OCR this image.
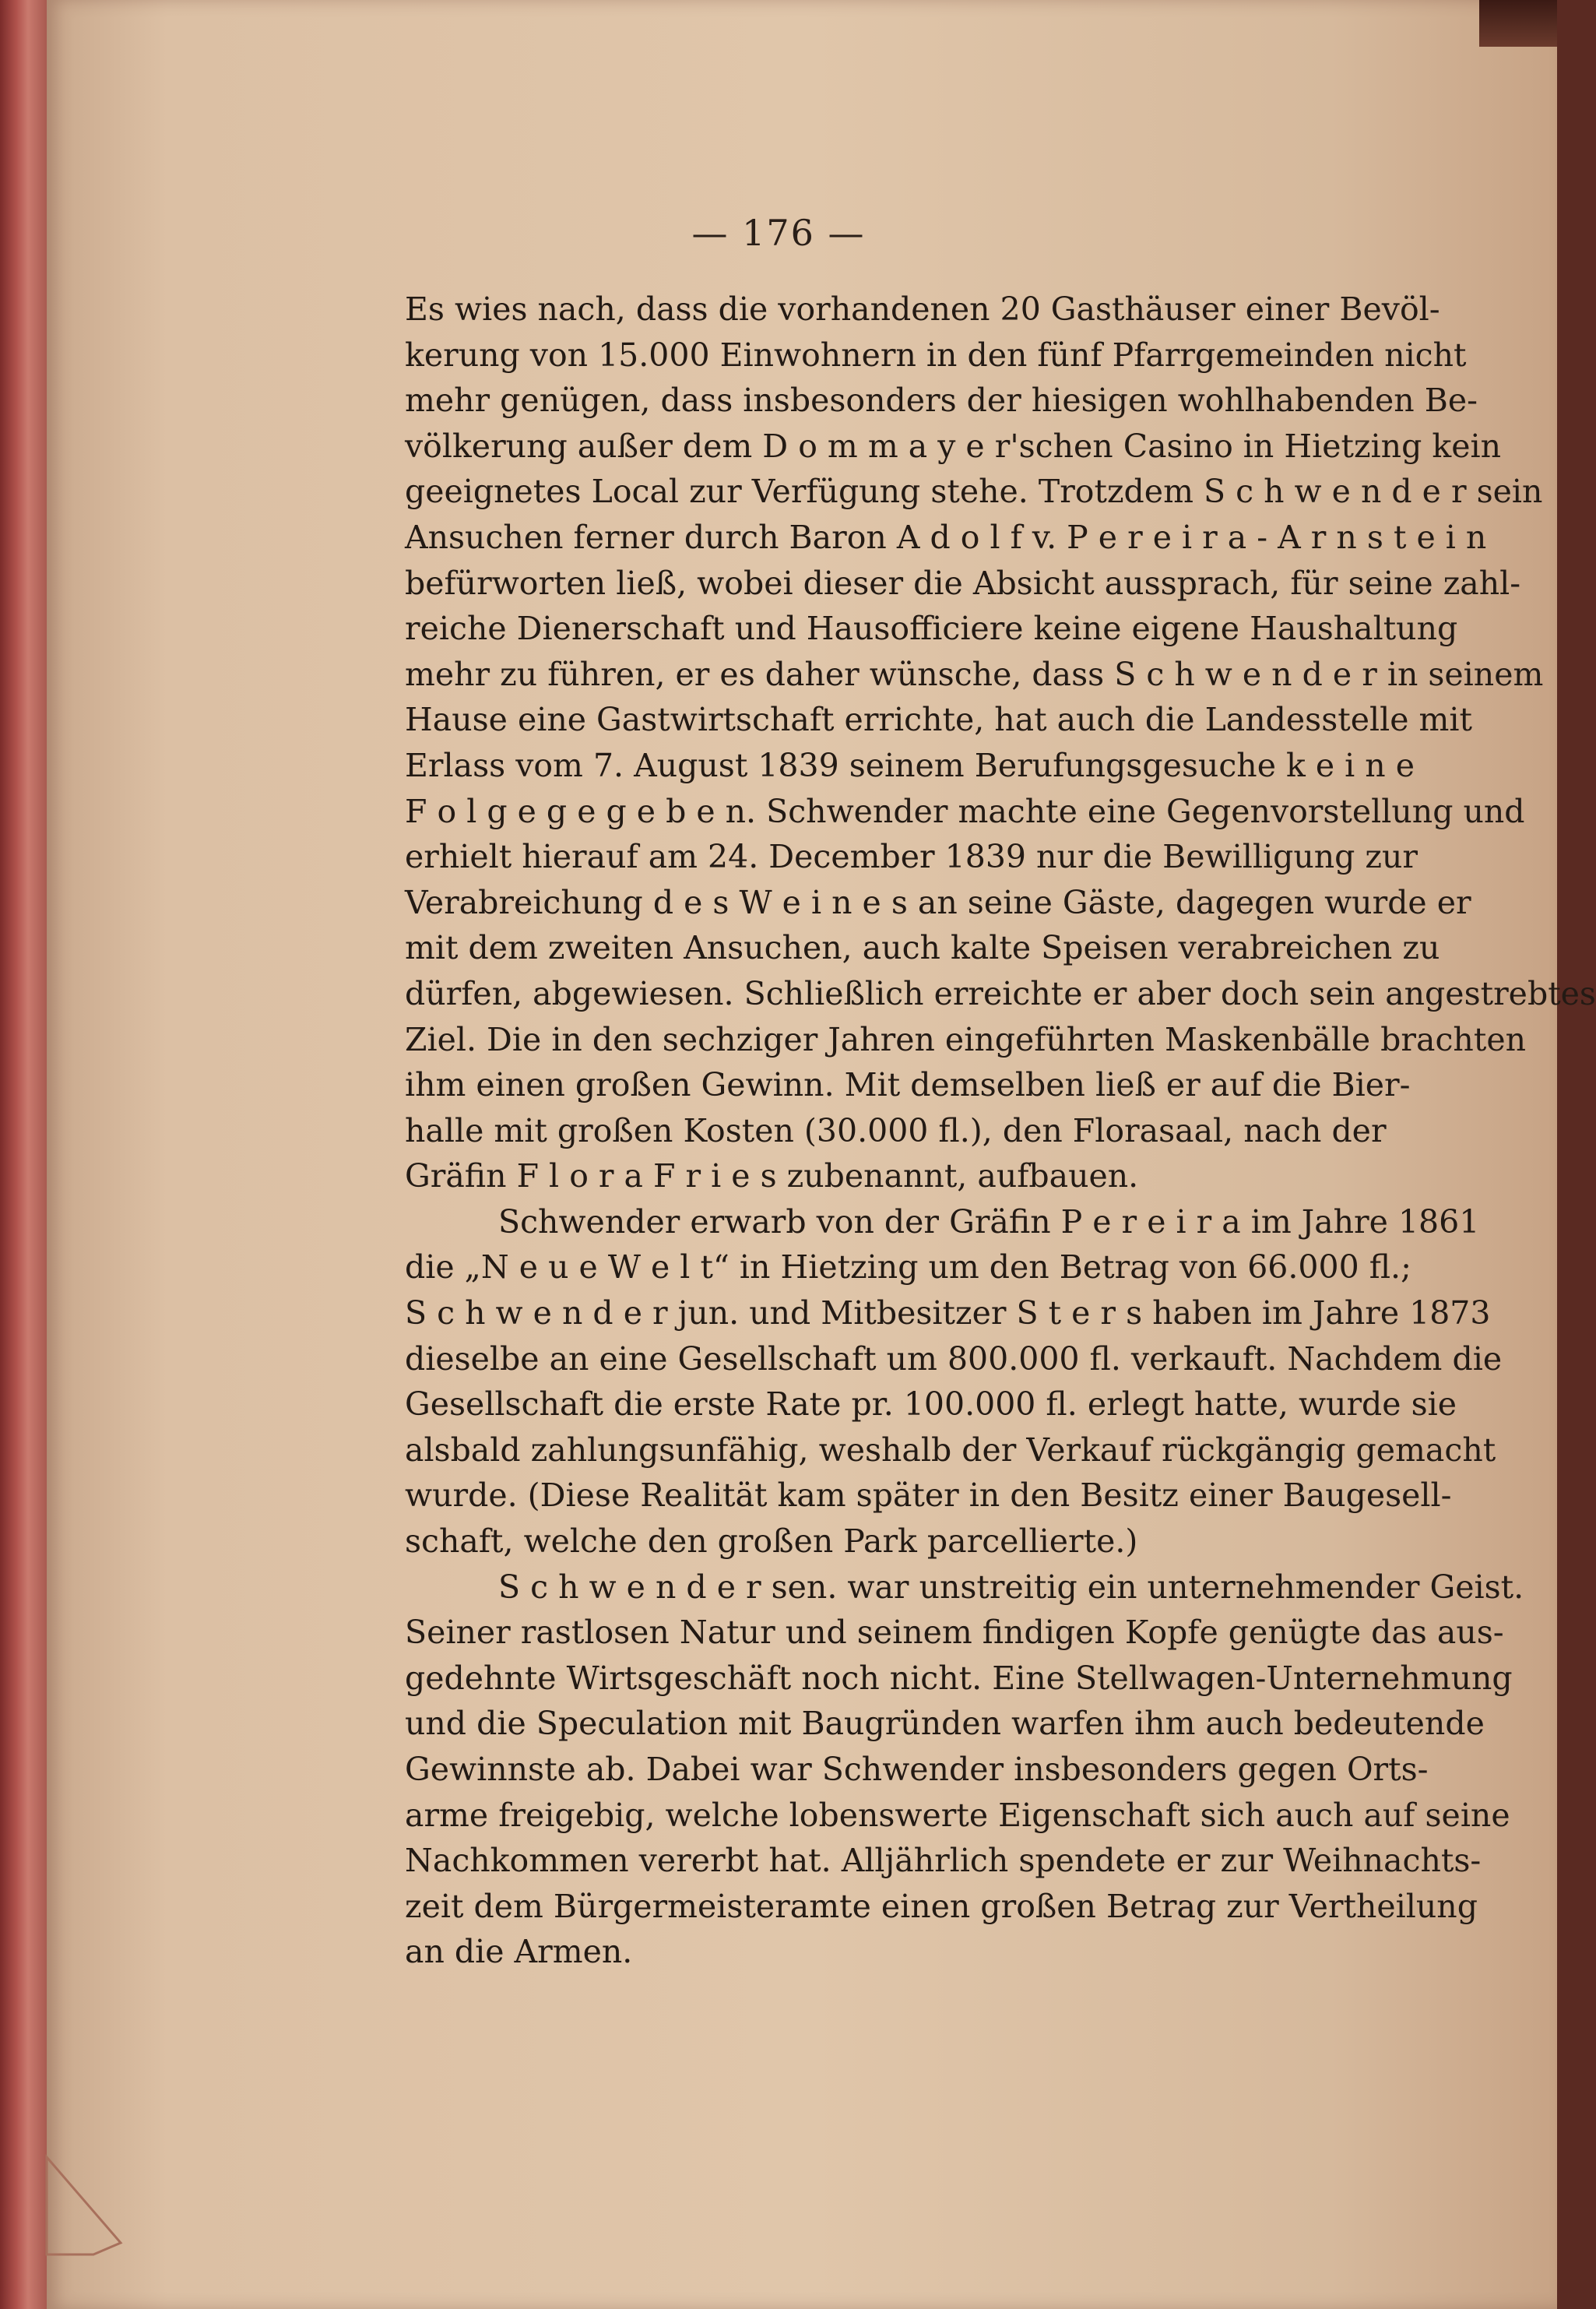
— 176 —

Es wies nach, dass die vorhandenen 20 Gasthäuser einer Bevöl-

kerung von 15.000 Einwohnern in den fünf Pfarrgemeinden nicht

mehr genügen, dass insbesonders der hiesigen wohlhabenden Be-

völkerung außer dem D o m m a y e r'schen Casino in Hietzing kein

geeignetes Local zur Verfügung stehe. Trotzdem S c h w e n d e r sein

Ansuchen ferner durch Baron A d o l f v. P e r e i r a - A r n s t e i n

befürworten ließ, wobei dieser die Absicht aussprach, für seine zahl-

reiche Dienerschaft und Hausofficiere keine eigene Haushaltung

mehr zu führen, er es daher wünsche, dass S c h w e n d e r in seinem

Hause eine Gastwirtschaft errichte, hat auch die Landesstelle mit

Erlass vom 7. August 1839 seinem Berufungsgesuche k e i n e

F o l g e g e g e b e n. Schwender machte eine Gegenvorstellung und

erhielt hierauf am 24. December 1839 nur die Bewilligung zur

Verabreichung d e s W e i n e s an seine Gäste, dagegen wurde er

mit dem zweiten Ansuchen, auch kalte Speisen verabreichen zu

dürfen, abgewiesen. Schließlich erreichte er aber doch sein angestrebtes

Ziel. Die in den sechziger Jahren eingeführten Maskenbälle brachten

ihm einen großen Gewinn. Mit demselben ließ er auf die Bier-

halle mit großen Kosten (30.000 fl.), den Florasaal, nach der

Gräfin F l o r a F r i e s zubenannt, aufbauen.

Schwender erwarb von der Gräfin P e r e i r a im Jahre 1861

die „N e u e W e l t“ in Hietzing um den Betrag von 66.000 fl.;

S c h w e n d e r jun. und Mitbesitzer S t e r s haben im Jahre 1873

dieselbe an eine Gesellschaft um 800.000 fl. verkauft. Nachdem die

Gesellschaft die erste Rate pr. 100.000 fl. erlegt hatte, wurde sie

alsbald zahlungsunfähig, weshalb der Verkauf rückgängig gemacht

wurde. (Diese Realität kam später in den Besitz einer Baugesell-

schaft, welche den großen Park parcellierte.)

S c h w e n d e r sen. war unstreitig ein unternehmender Geist.

Seiner rastlosen Natur und seinem findigen Kopfe genügte das aus-

gedehnte Wirtsgeschäft noch nicht. Eine Stellwagen-Unternehmung

und die Speculation mit Baugründen warfen ihm auch bedeutende

Gewinnste ab. Dabei war Schwender insbesonders gegen Orts-

arme freigebig, welche lobenswerte Eigenschaft sich auch auf seine

Nachkommen vererbt hat. Alljährlich spendete er zur Weihnachts-

zeit dem Bürgermeisteramte einen großen Betrag zur Vertheilung

an die Armen.
